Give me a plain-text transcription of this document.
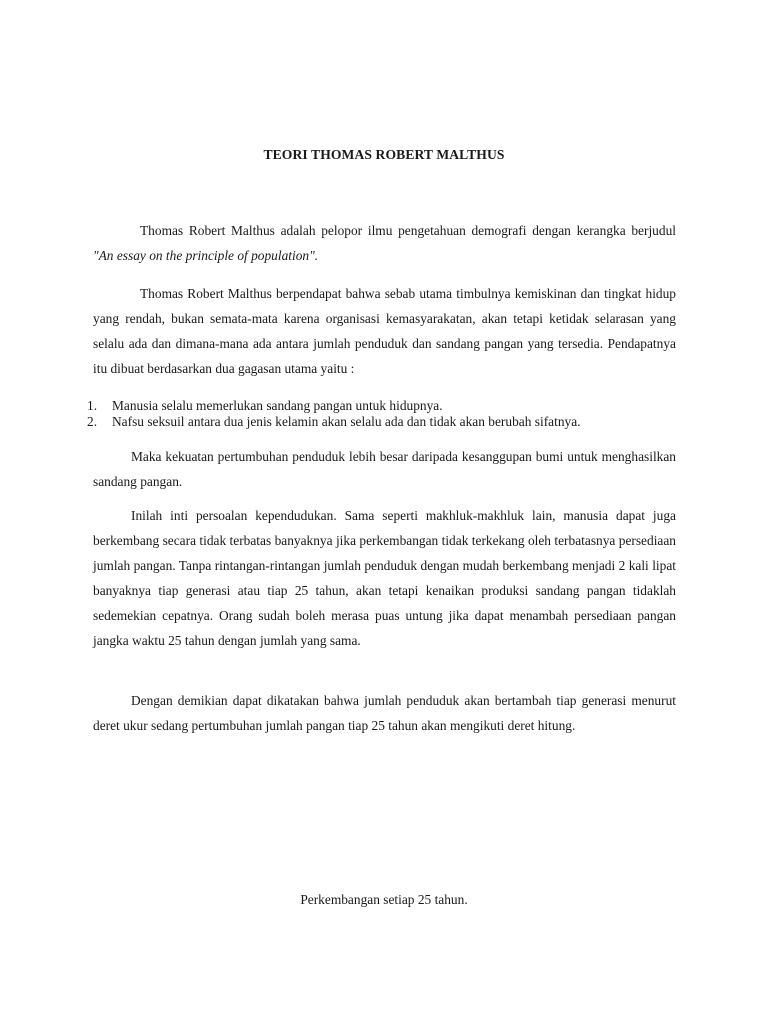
TEORI THOMAS ROBERT MALTHUS

Thomas Robert Malthus adalah pelopor ilmu pengetahuan demografi dengan kerangka berjudul "An essay on the principle of population".

Thomas Robert Malthus berpendapat bahwa sebab utama timbulnya kemiskinan dan tingkat hidup yang rendah, bukan semata-mata karena organisasi kemasyarakatan, akan tetapi ketidak selarasan yang selalu ada dan dimana-mana ada antara jumlah penduduk dan sandang pangan yang tersedia. Pendapatnya itu dibuat berdasarkan dua gagasan utama yaitu :

1.	Manusia selalu memerlukan sandang pangan untuk hidupnya.
2.	Nafsu seksuil antara dua jenis kelamin akan selalu ada dan tidak akan berubah sifatnya.

Maka kekuatan pertumbuhan penduduk lebih besar daripada kesanggupan bumi untuk menghasilkan sandang pangan.

Inilah inti persoalan kependudukan. Sama seperti makhluk-makhluk lain, manusia dapat juga berkembang secara tidak terbatas banyaknya jika perkembangan tidak terkekang oleh terbatasnya persediaan jumlah pangan. Tanpa rintangan-rintangan jumlah penduduk dengan mudah berkembang menjadi 2 kali lipat banyaknya tiap generasi atau tiap 25 tahun, akan tetapi kenaikan produksi sandang pangan tidaklah sedemekian cepatnya. Orang sudah boleh merasa puas untung jika dapat menambah persediaan pangan jangka waktu 25 tahun dengan jumlah yang sama.

Dengan demikian dapat dikatakan bahwa jumlah penduduk akan bertambah tiap generasi menurut deret ukur sedang pertumbuhan jumlah pangan tiap 25 tahun akan mengikuti deret hitung.

Perkembangan setiap 25 tahun.
